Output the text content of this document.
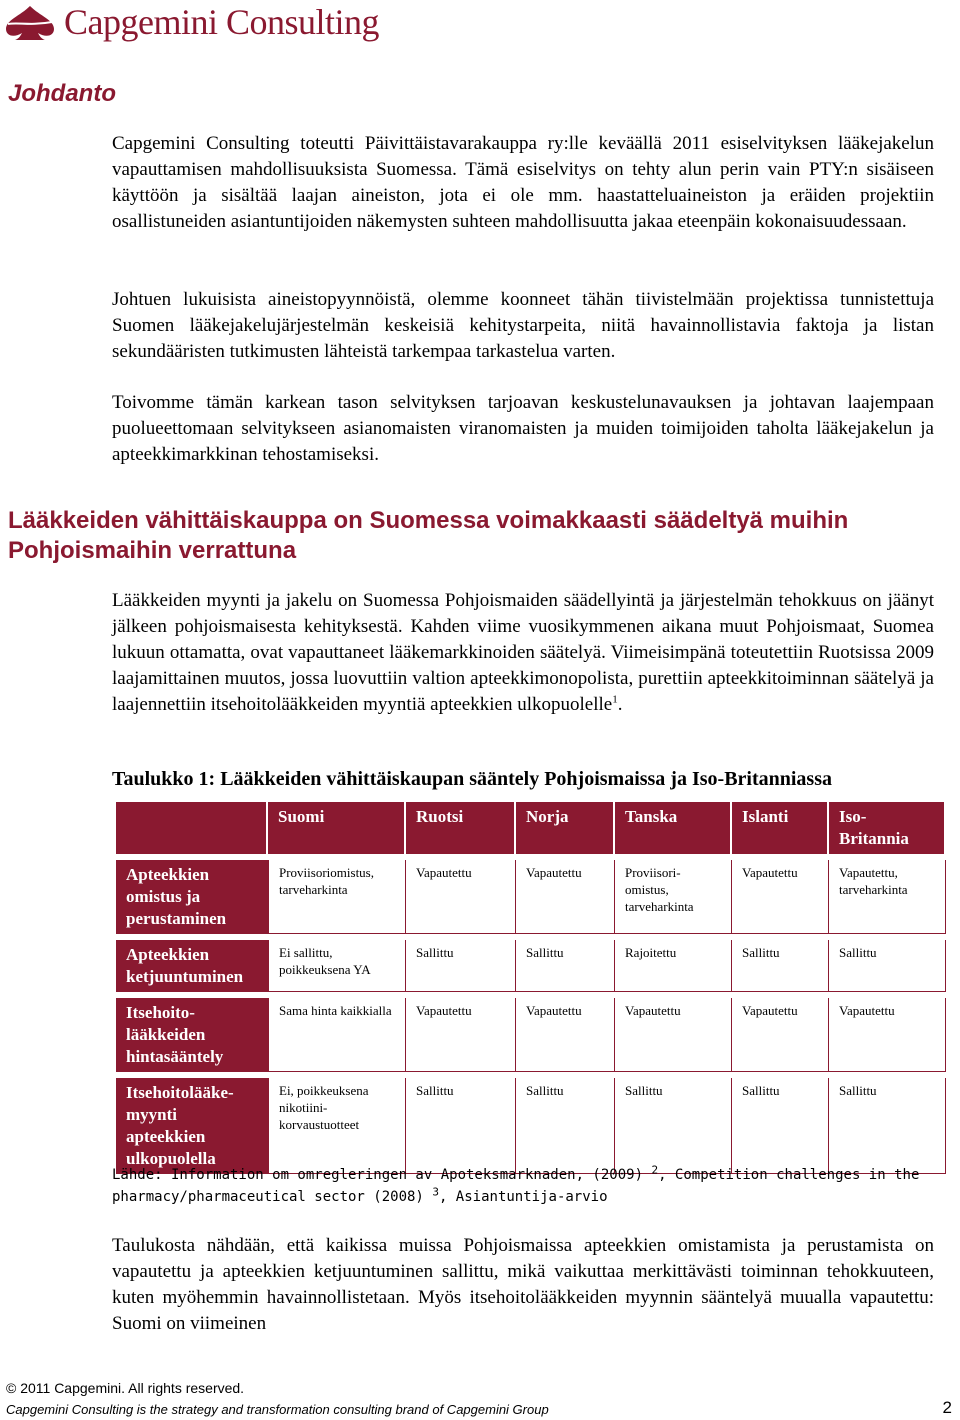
Capgemini Consulting
Johdanto

Capgemini Consulting toteutti Päivittäistavarakauppa ry:lle keväällä 2011 esiselvityksen lääkejakelun vapauttamisen mahdollisuuksista Suomessa. Tämä esiselvitys on tehty alun perin vain PTY:n sisäiseen käyttöön ja sisältää laajan aineiston, jota ei ole mm. haastatteluaineiston ja eräiden projektiin osallistuneiden asiantuntijoiden näkemysten suhteen mahdollisuutta jakaa eteenpäin kokonaisuudessaan.

Johtuen lukuisista aineistopyynnöistä, olemme koonneet tähän tiivistelmään projektissa tunnistettuja Suomen lääkejakelujärjestelmän keskeisiä kehitystarpeita, niitä havainnollistavia faktoja ja listan sekundääristen tutkimusten lähteistä tarkempaa tarkastelua varten.

Toivomme tämän karkean tason selvityksen tarjoavan keskustelunavauksen ja johtavan laajempaan puolueettomaan selvitykseen asianomaisten viranomaisten ja muiden toimijoiden taholta lääkejakelun ja apteekkimarkkinan tehostamiseksi.

Lääkkeiden vähittäiskauppa on Suomessa voimakkaasti säädeltyä muihin Pohjoismaihin verrattuna

Lääkkeiden myynti ja jakelu on Suomessa Pohjoismaiden säädellyintä ja järjestelmän tehokkuus on jäänyt jälkeen pohjoismaisesta kehityksestä. Kahden viime vuosikymmenen aikana muut Pohjoismaat, Suomea lukuun ottamatta, ovat vapauttaneet lääkemarkkinoiden säätelyä. Viimeisimpänä toteutettiin Ruotsissa 2009 laajamittainen muutos, jossa luovuttiin valtion apteekkimonopolista, purettiin apteekkitoiminnan säätelyä ja laajennettiin itsehoitolääkkeiden myyntiä apteekkien ulkopuolelle$^1$.

Taulukko 1: Lääkkeiden vähittäiskaupan sääntely Pohjoismaissa ja Iso-Britanniassa
	Suomi	Ruotsi	Norja	Tanska	Islanti	Iso-Britannia
Apteekkien omistus ja perustaminen	Proviisoriomistus, tarveharkinta	Vapautettu	Vapautettu	Proviisori-omistus, tarveharkinta	Vapautettu	Vapautettu, tarveharkinta
Apteekkien ketjuuntuminen	Ei sallittu, poikkeuksena YA	Sallittu	Sallittu	Rajoitettu	Sallittu	Sallittu
Itsehoito-lääkkeiden hintasääntely	Sama hinta kaikkialla	Vapautettu	Vapautettu	Vapautettu	Vapautettu	Vapautettu
Itsehoitolääke-myynti apteekkien ulkopuolella	Ei, poikkeuksena nikotiini-korvaustuotteet	Sallittu	Sallittu	Sallittu	Sallittu	Sallittu
Lähde: Information om omregleringen av Apoteksmarknaden, (2009) $^2$, Competition challenges in the pharmacy/pharmaceutical sector (2008) $^3$, Asiantuntija-arvio

Taulukosta nähdään, että kaikissa muissa Pohjoismaissa apteekkien omistamista ja perustamista on vapautettu ja apteekkien ketjuuntuminen sallittu, mikä vaikuttaa merkittävästi toiminnan tehokkuuteen, kuten myöhemmin havainnollistetaan. Myös itsehoitolääkkeiden myynnin sääntelyä muualla vapautettu: Suomi on viimeinen

© 2011 Capgemini. All rights reserved.
Capgemini Consulting is the strategy and transformation consulting brand of Capgemini Group	2
